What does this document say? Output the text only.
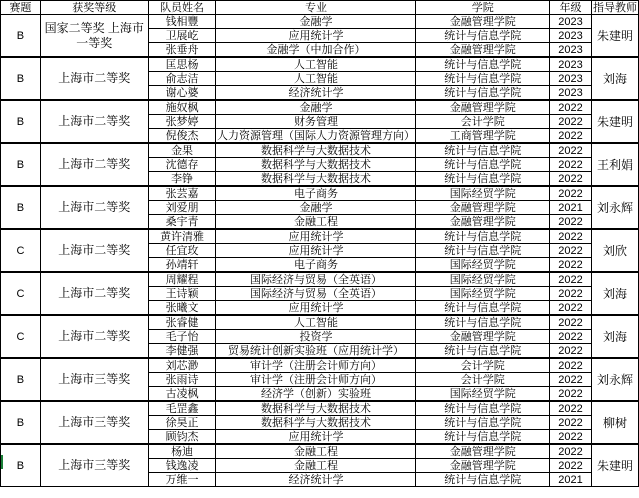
赛题	获奖等级	队员姓名	专业	学院	年级	指导教师
B	国家二等奖 上海市一等奖	钱相豐	金融学	金融管理学院	2023	朱建明
		卫展屹	应用统计学	统计与信息学院	2023	
		张垂舟	金融学（中加合作）	金融管理学院	2023	
B	上海市二等奖	匡思杨	人工智能	统计与信息学院	2023	刘海
		俞志洁	人工智能	统计与信息学院	2023	
		谢心婆	经济统计学	统计与信息学院	2023	
B	上海市二等奖	施奴枫	金融学	金融管理学院	2022	朱建明
		张梦婷	财务管理	会计学院	2022	
		倪俊杰	人力资源管理（国际人力资源管理方向）	工商管理学院	2022	
B	上海市二等奖	金果	数据科学与大数据技术	统计与信息学院	2022	王利娟
		沈德存	数据科学与大数据技术	统计与信息学院	2022	
		李铮	数据科学与大数据技术	统计与信息学院	2022	
B	上海市二等奖	张芸嘉	电子商务	国际经贸学院	2022	刘永辉
		刘爱朋	金融学	金融管理学院	2021	
		桑宇青	金融工程	金融管理学院	2022	
C	上海市二等奖	黄许清雅	应用统计学	统计与信息学院	2022	刘欣
		任宜玫	应用统计学	统计与信息学院	2022	
		孙靖轩	电子商务	国际经贸学院	2022	
C	上海市二等奖	周耀程	国际经济与贸易（全英语）	国际经贸学院	2022	刘海
		王诗颖	国际经济与贸易（全英语）	国际经贸学院	2022	
		张曦文	应用统计学	统计与信息学院	2022	
C	上海市二等奖	张睿健	人工智能	统计与信息学院	2022	刘海
		毛子怡	投资学	金融管理学院	2022	
		李健强	贸易统计创新实验班（应用统计学）	统计与信息学院	2022	
B	上海市三等奖	刘芯渺	审计学（注册会计师方向）	会计学院	2022	刘永辉
		张雨诗	审计学（注册会计师方向）	会计学院	2022	
		古凌枫	经济学（创新）实验班	国际经贸学院	2022	
B	上海市三等奖	毛罡鑫	数据科学与大数据技术	统计与信息学院	2022	柳树
		徐昊正	数据科学与大数据技术	统计与信息学院	2022	
		顾钧杰	应用统计学	统计与信息学院	2022	
B	上海市三等奖	杨迪	金融工程	金融管理学院	2022	朱建明
		钱逸凌	金融工程	金融管理学院	2022	
		万维一	经济统计学	统计与信息学院	2021	
